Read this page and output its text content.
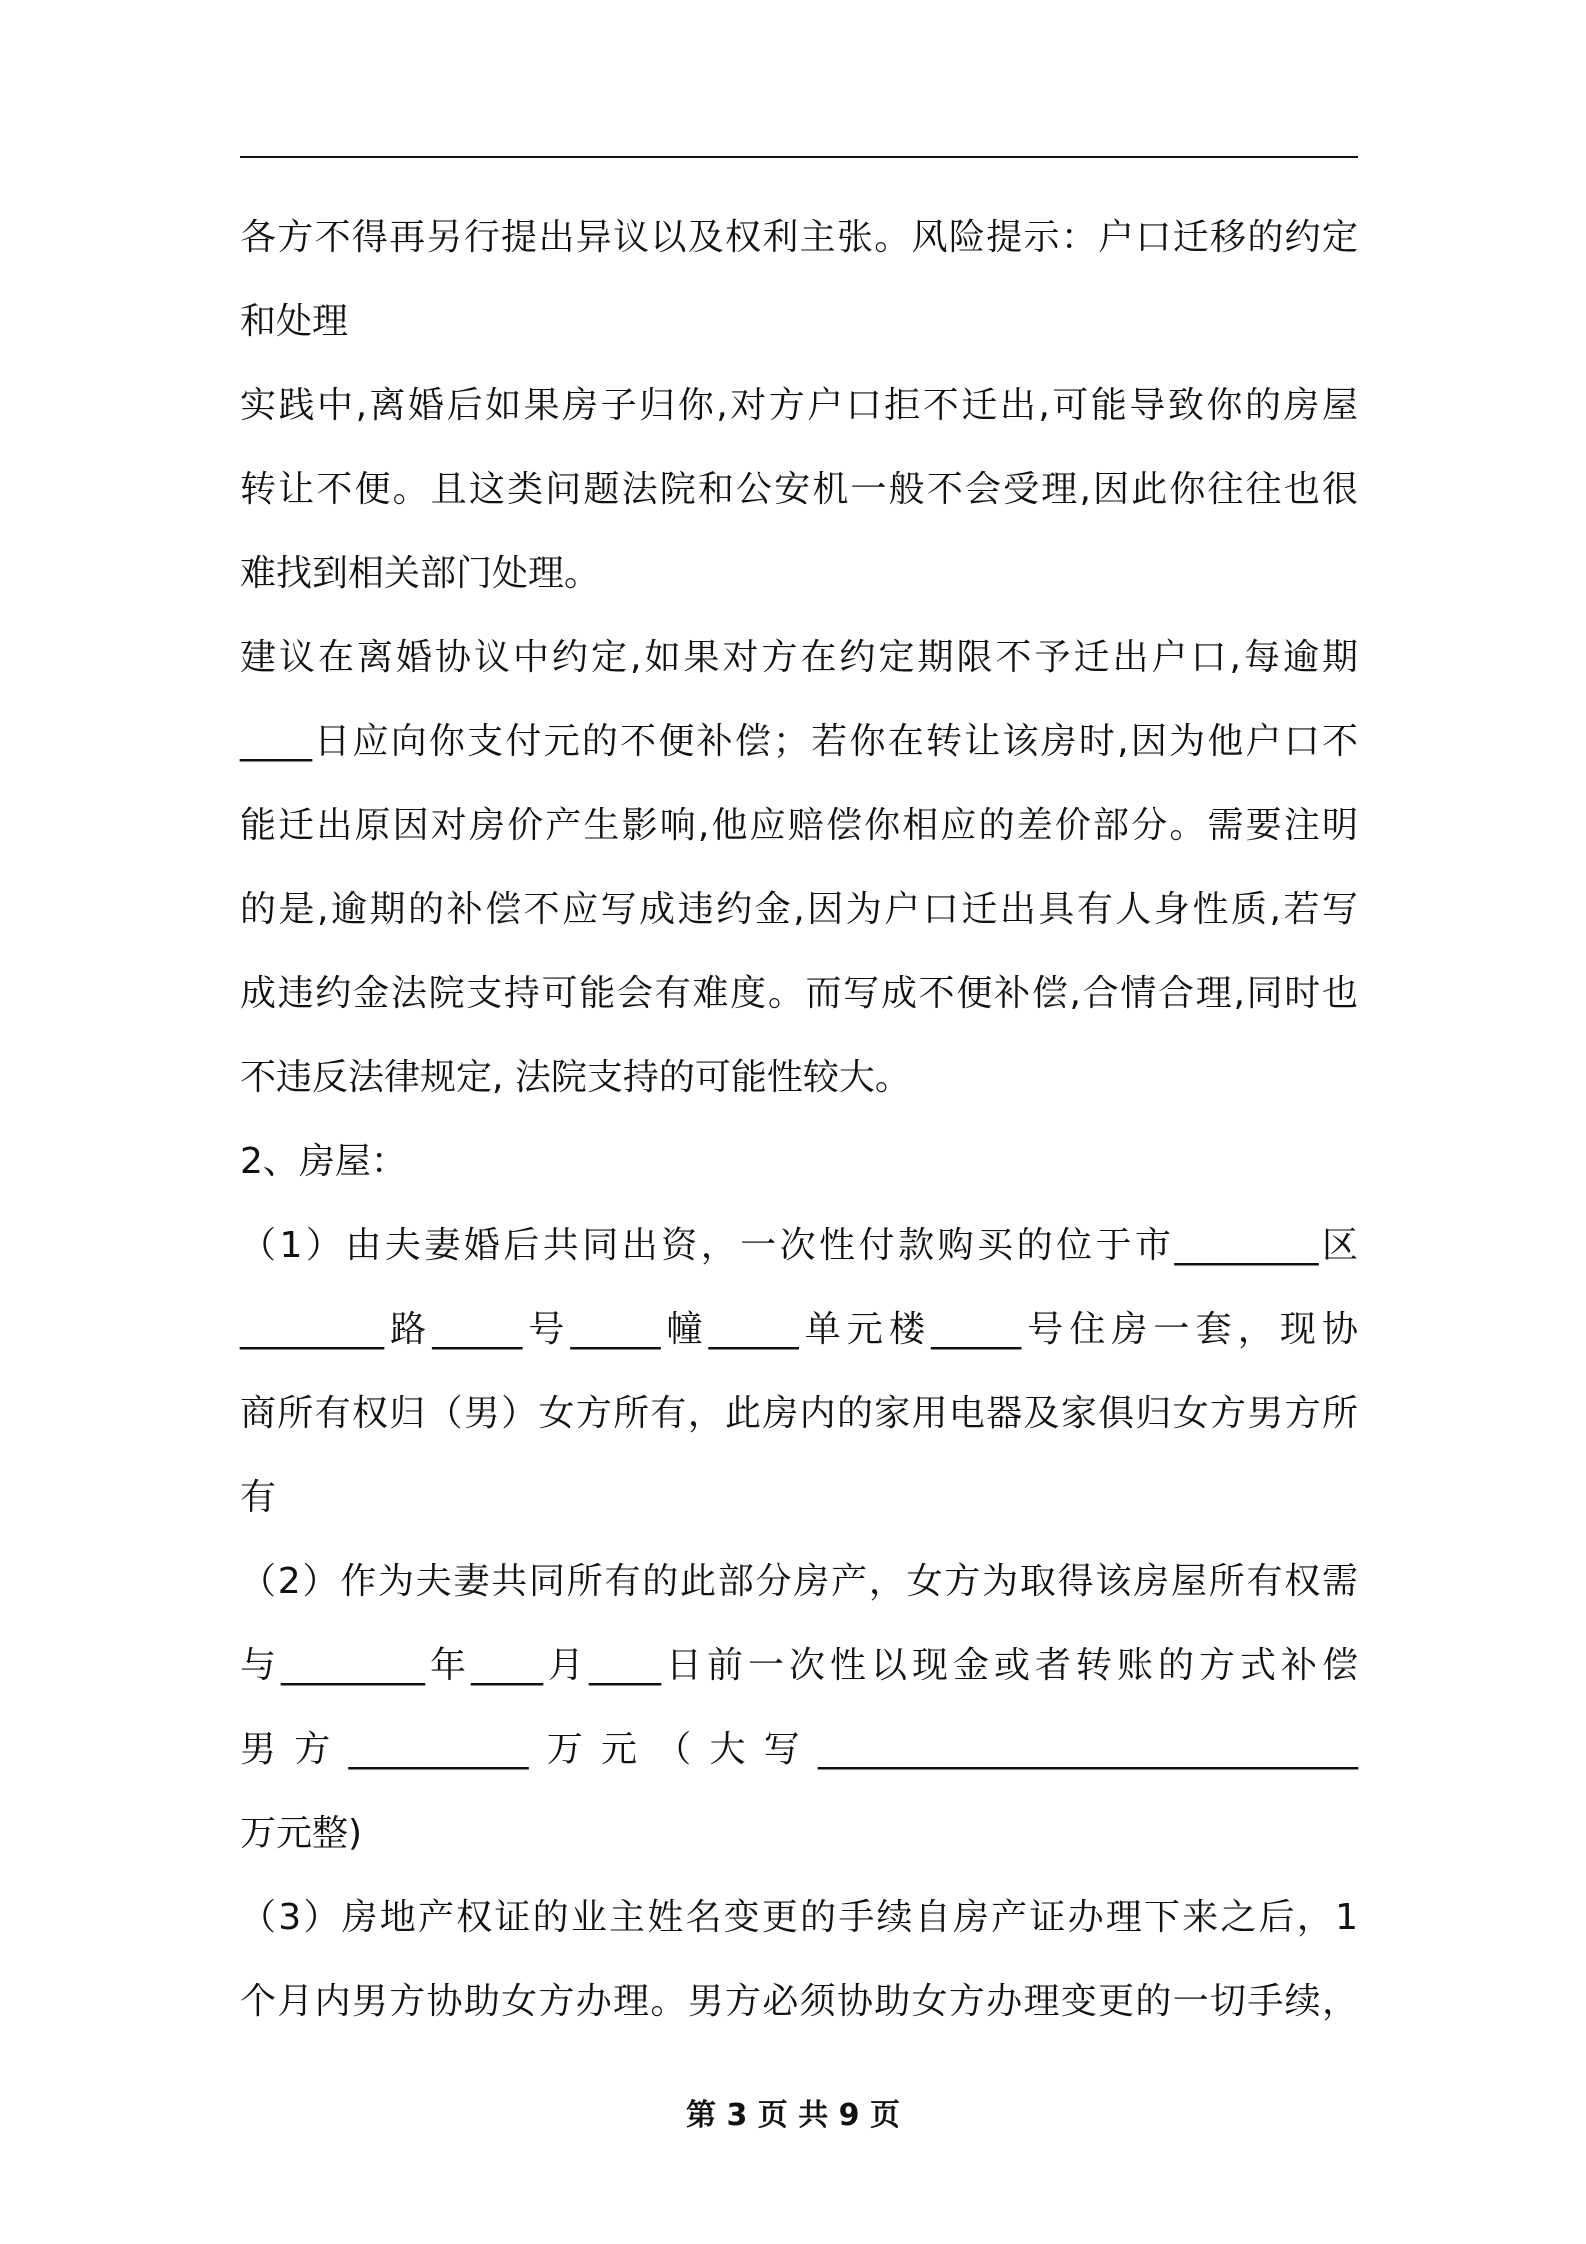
各方不得再另行提出异议以及权利主张。风险提示：户口迁移的约定
和处理
实践中,离婚后如果房子归你,对方户口拒不迁出,可能导致你的房屋
转让不便。且这类问题法院和公安机一般不会受理,因此你往往也很
难找到相关部门处理。
建议在离婚协议中约定,如果对方在约定期限不予迁出户口,每逾期
____日应向你支付元的不便补偿；若你在转让该房时,因为他户口不
能迁出原因对房价产生影响,他应赔偿你相应的差价部分。需要注明
的是,逾期的补偿不应写成违约金,因为户口迁出具有人身性质,若写
成违约金法院支持可能会有难度。而写成不便补偿,合情合理,同时也
不违反法律规定, 法院支持的可能性较大。
2、房屋：
（1）由夫妻婚后共同出资，一次性付款购买的位于市________区
________路_____号_____幢_____单元楼_____号住房一套，现协
商所有权归（男）女方所有，此房内的家用电器及家俱归女方男方所
有
（2）作为夫妻共同所有的此部分房产，女方为取得该房屋所有权需
与________年____月____日前一次性以现金或者转账的方式补偿
男方__________万元（大写______________________________
万元整)
（3）房地产权证的业主姓名变更的手续自房产证办理下来之后，1
个月内男方协助女方办理。男方必须协助女方办理变更的一切手续，
第 3 页 共 9 页
